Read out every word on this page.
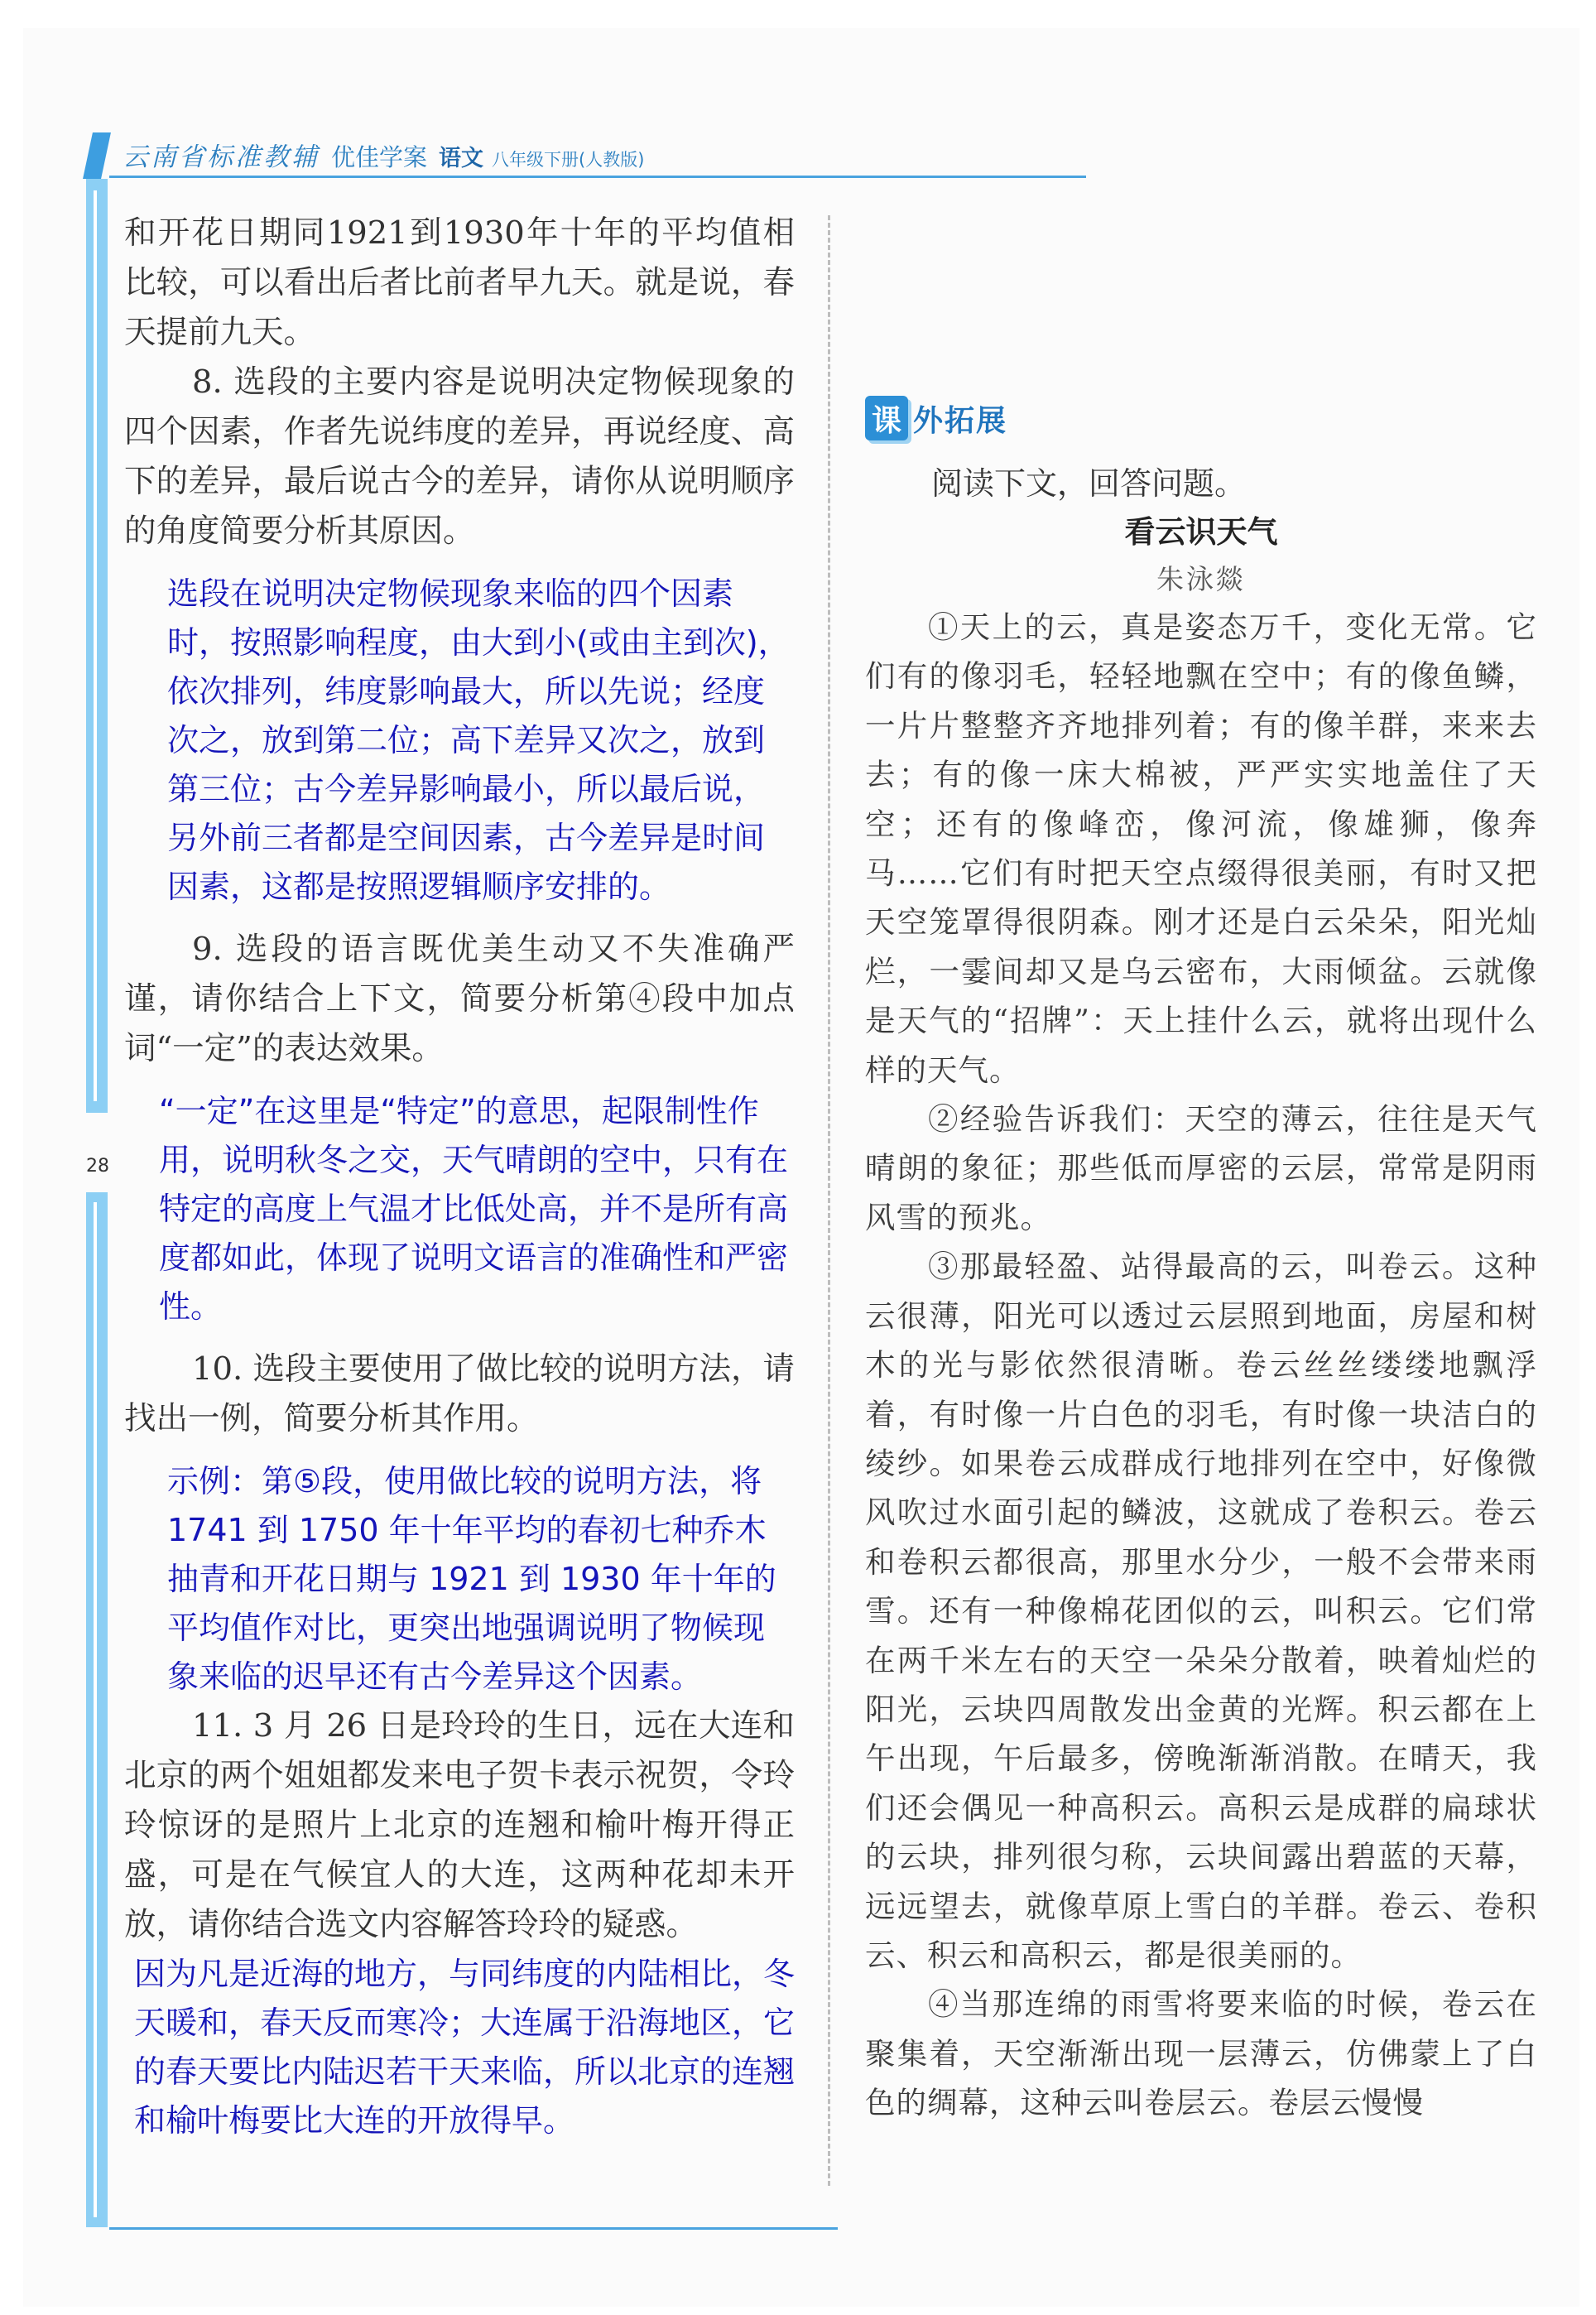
云南省标准教辅 优佳学案 语文 八年级下册(人教版)
28

和开花日期同1921到1930年十年的平均值相比较，可以看出后者比前者早九天。就是说，春天提前九天。

8. 选段的主要内容是说明决定物候现象的四个因素，作者先说纬度的差异，再说经度、高下的差异，最后说古今的差异，请你从说明顺序的角度简要分析其原因。

选段在说明决定物候现象来临的四个因素时，按照影响程度，由大到小(或由主到次)，依次排列，纬度影响最大，所以先说；经度次之，放到第二位；高下差异又次之，放到第三位；古今差异影响最小，所以最后说，另外前三者都是空间因素，古今差异是时间因素，这都是按照逻辑顺序安排的。

9. 选段的语言既优美生动又不失准确严谨，请你结合上下文，简要分析第④段中加点词“一定”的表达效果。

“一定”在这里是“特定”的意思，起限制性作用，说明秋冬之交，天气晴朗的空中，只有在特定的高度上气温才比低处高，并不是所有高度都如此，体现了说明文语言的准确性和严密性。

10. 选段主要使用了做比较的说明方法，请找出一例，简要分析其作用。

示例：第⑤段，使用做比较的说明方法，将 1741 到 1750 年十年平均的春初七种乔木抽青和开花日期与 1921 到 1930 年十年的平均值作对比，更突出地强调说明了物候现象来临的迟早还有古今差异这个因素。

11. 3 月 26 日是玲玲的生日，远在大连和北京的两个姐姐都发来电子贺卡表示祝贺，令玲玲惊讶的是照片上北京的连翘和榆叶梅开得正盛，可是在气候宜人的大连，这两种花却未开放，请你结合选文内容解答玲玲的疑惑。

因为凡是近海的地方，与同纬度的内陆相比，冬天暖和，春天反而寒冷；大连属于沿海地区，它的春天要比内陆迟若干天来临，所以北京的连翘和榆叶梅要比大连的开放得早。

课 外拓展

阅读下文，回答问题。

看云识天气

朱泳燚

①天上的云，真是姿态万千，变化无常。它们有的像羽毛，轻轻地飘在空中；有的像鱼鳞，一片片整整齐齐地排列着；有的像羊群，来来去去；有的像一床大棉被，严严实实地盖住了天空；还有的像峰峦，像河流，像雄狮，像奔马……它们有时把天空点缀得很美丽，有时又把天空笼罩得很阴森。刚才还是白云朵朵，阳光灿烂，一霎间却又是乌云密布，大雨倾盆。云就像是天气的“招牌”：天上挂什么云，就将出现什么样的天气。

②经验告诉我们：天空的薄云，往往是天气晴朗的象征；那些低而厚密的云层，常常是阴雨风雪的预兆。

③那最轻盈、站得最高的云，叫卷云。这种云很薄，阳光可以透过云层照到地面，房屋和树木的光与影依然很清晰。卷云丝丝缕缕地飘浮着，有时像一片白色的羽毛，有时像一块洁白的绫纱。如果卷云成群成行地排列在空中，好像微风吹过水面引起的鳞波，这就成了卷积云。卷云和卷积云都很高，那里水分少，一般不会带来雨雪。还有一种像棉花团似的云，叫积云。它们常在两千米左右的天空一朵朵分散着，映着灿烂的阳光，云块四周散发出金黄的光辉。积云都在上午出现，午后最多，傍晚渐渐消散。在晴天，我们还会偶见一种高积云。高积云是成群的扁球状的云块，排列很匀称，云块间露出碧蓝的天幕，远远望去，就像草原上雪白的羊群。卷云、卷积云、积云和高积云，都是很美丽的。

④当那连绵的雨雪将要来临的时候，卷云在聚集着，天空渐渐出现一层薄云，仿佛蒙上了白色的绸幕，这种云叫卷层云。卷层云慢慢
